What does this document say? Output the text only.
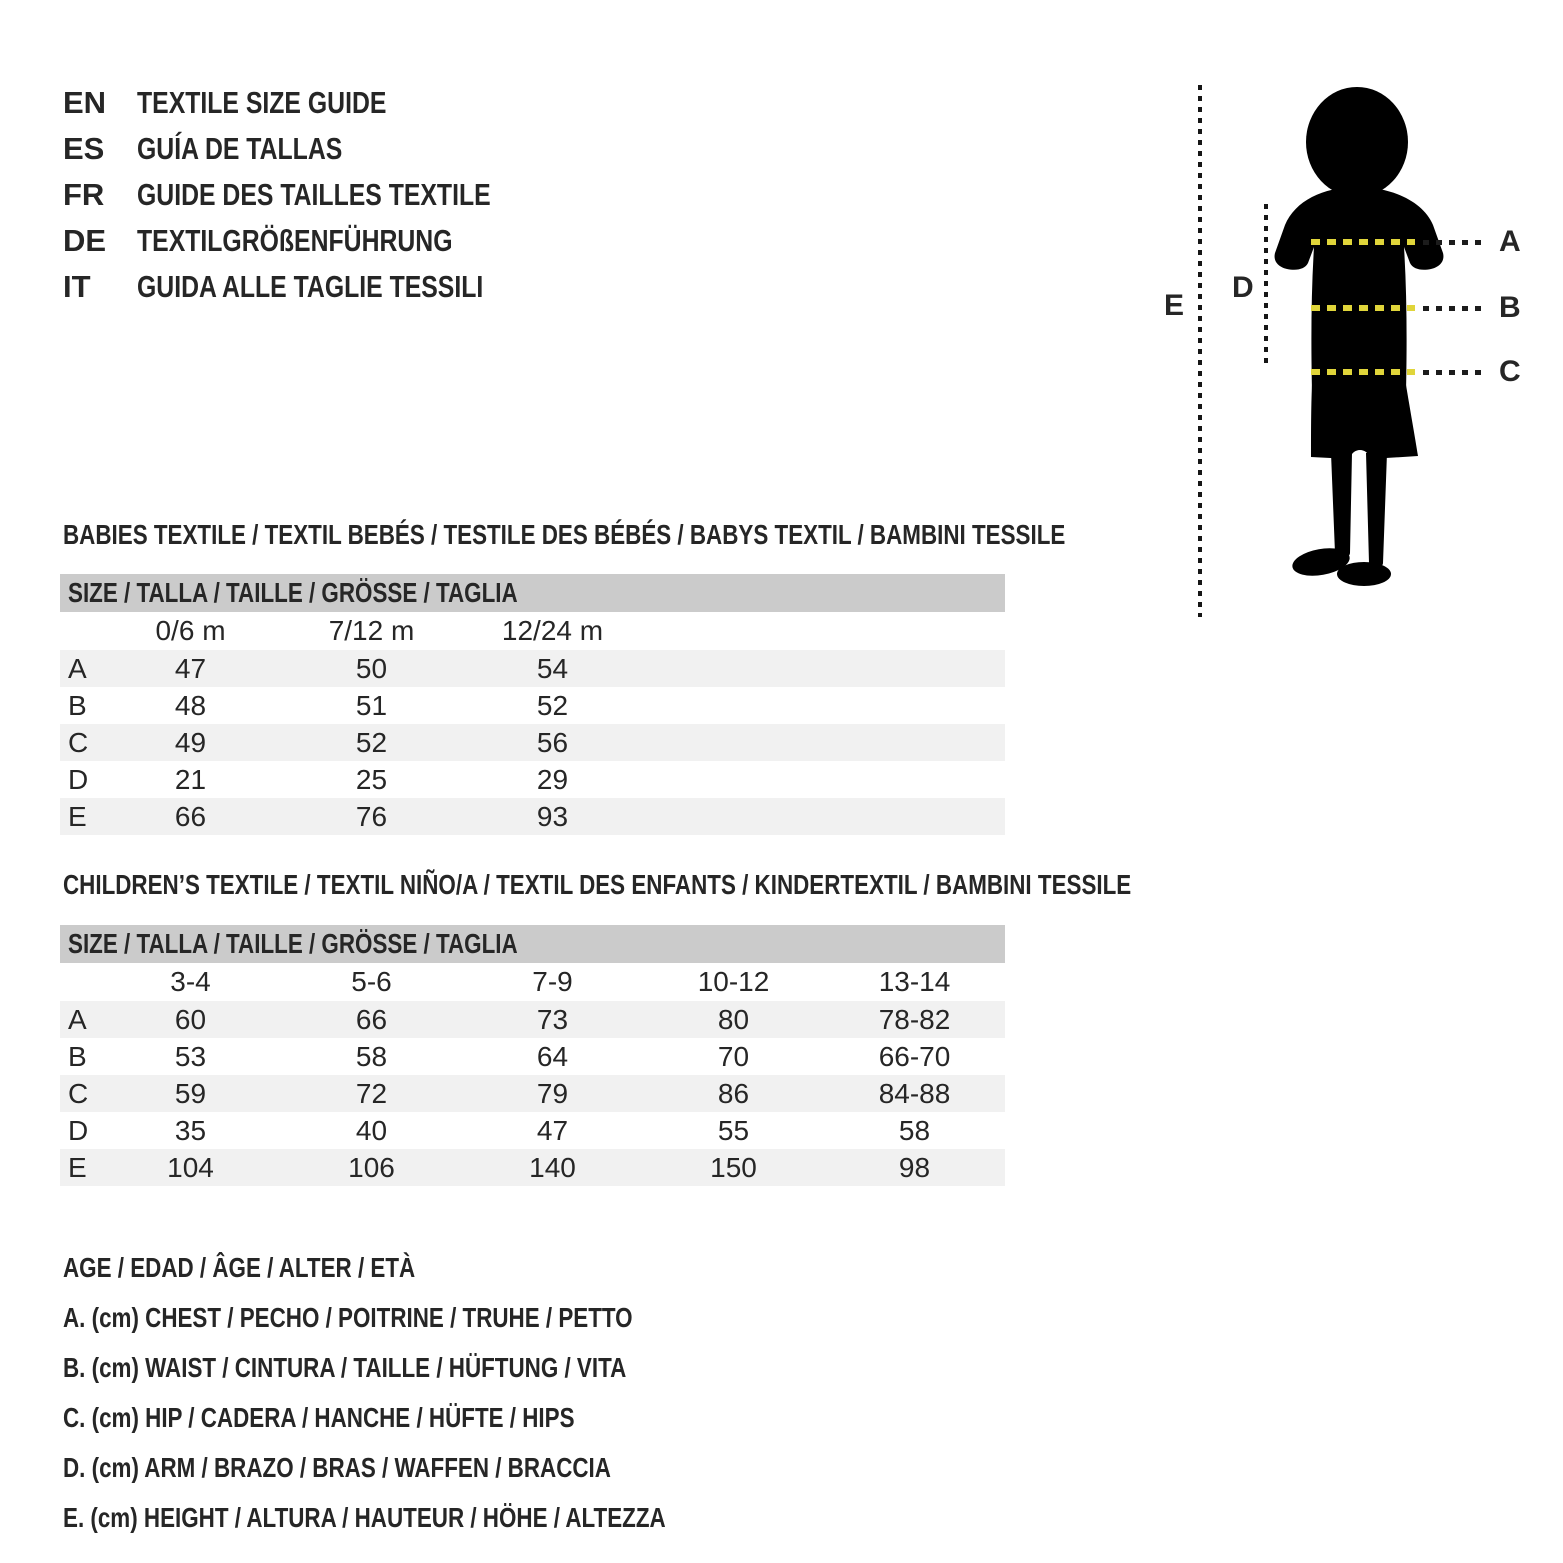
EN TEXTILE SIZE GUIDE
ES	GUÍA DE TALLAS
FR	GUIDE DES TAILLES TEXTILE
DE TEXTILGRÖßENFÜHRUNG
IT	GUIDA ALLE TAGLIE TESSILI
E
D
A
B
C
BABIES TEXTILE / TEXTIL BEBÉS / TESTILE DES BÉBÉS / BABYS TEXTIL / BAMBINI TESSILE
SIZE / TALLA / TAILLE / GRÖSSE / TAGLIA
0/6 m	7/12 m	12/24 m
A	47	50	54
B	48	51	52
C	49	52	56
D	21	25	29
E	66	76	93
CHILDREN’S TEXTILE / TEXTIL NIÑO/A / TEXTIL DES ENFANTS / KINDERTEXTIL / BAMBINI TESSILE
SIZE / TALLA / TAILLE / GRÖSSE / TAGLIA
3-4	5-6	7-9	10-12	13-14
A	60	66	73	80	78-82
B	53	58	64	70	66-70
C	59	72	79	86	84-88
D	35	40	47	55	58
E	104	106	140	150	98
AGE / EDAD / ÂGE / ALTER / ETÀ
A. (cm) CHEST / PECHO / POITRINE / TRUHE / PETTO
B. (cm) WAIST / CINTURA / TAILLE / HÜFTUNG / VITA
C. (cm) HIP / CADERA / HANCHE / HÜFTE / HIPS
D. (cm) ARM / BRAZO / BRAS / WAFFEN / BRACCIA
E. (cm) HEIGHT / ALTURA / HAUTEUR / HÖHE / ALTEZZA
